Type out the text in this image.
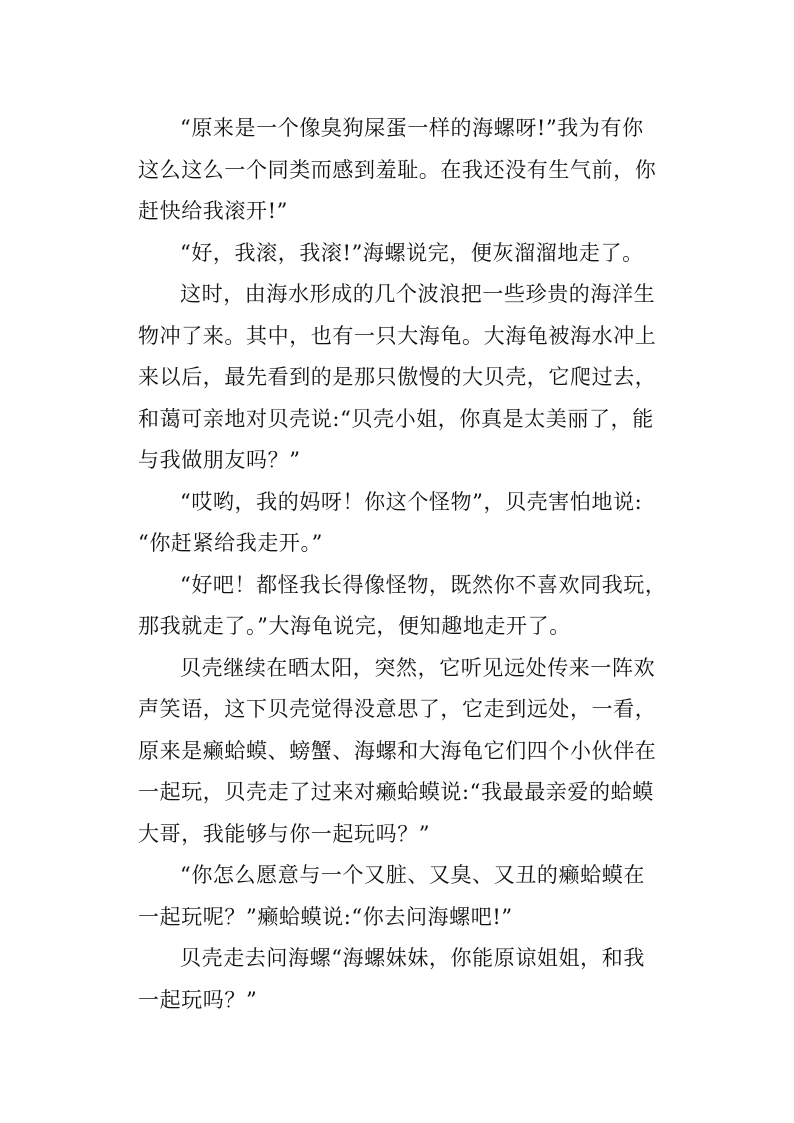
“原来是一个像臭狗屎蛋一样的海螺呀!”我为有你
这么这么一个同类而感到羞耻。在我还没有生气前，你
赶快给我滚开!”
“好，我滚，我滚!”海螺说完，便灰溜溜地走了。
这时，由海水形成的几个波浪把一些珍贵的海洋生
物冲了来。其中，也有一只大海龟。大海龟被海水冲上
来以后，最先看到的是那只傲慢的大贝壳，它爬过去，
和蔼可亲地对贝壳说:“贝壳小姐，你真是太美丽了，能
与我做朋友吗？”
“哎哟，我的妈呀！你这个怪物”，贝壳害怕地说:
“你赶紧给我走开。”
“好吧！都怪我长得像怪物，既然你不喜欢同我玩，
那我就走了。”大海龟说完，便知趣地走开了。
贝壳继续在晒太阳，突然，它听见远处传来一阵欢
声笑语，这下贝壳觉得没意思了，它走到远处，一看，
原来是癞蛤蟆、螃蟹、海螺和大海龟它们四个小伙伴在
一起玩，贝壳走了过来对癞蛤蟆说:“我最最亲爱的蛤蟆
大哥，我能够与你一起玩吗？”
“你怎么愿意与一个又脏、又臭、又丑的癞蛤蟆在
一起玩呢？”癞蛤蟆说:“你去问海螺吧!”
贝壳走去问海螺“海螺妹妹，你能原谅姐姐，和我
一起玩吗？”
